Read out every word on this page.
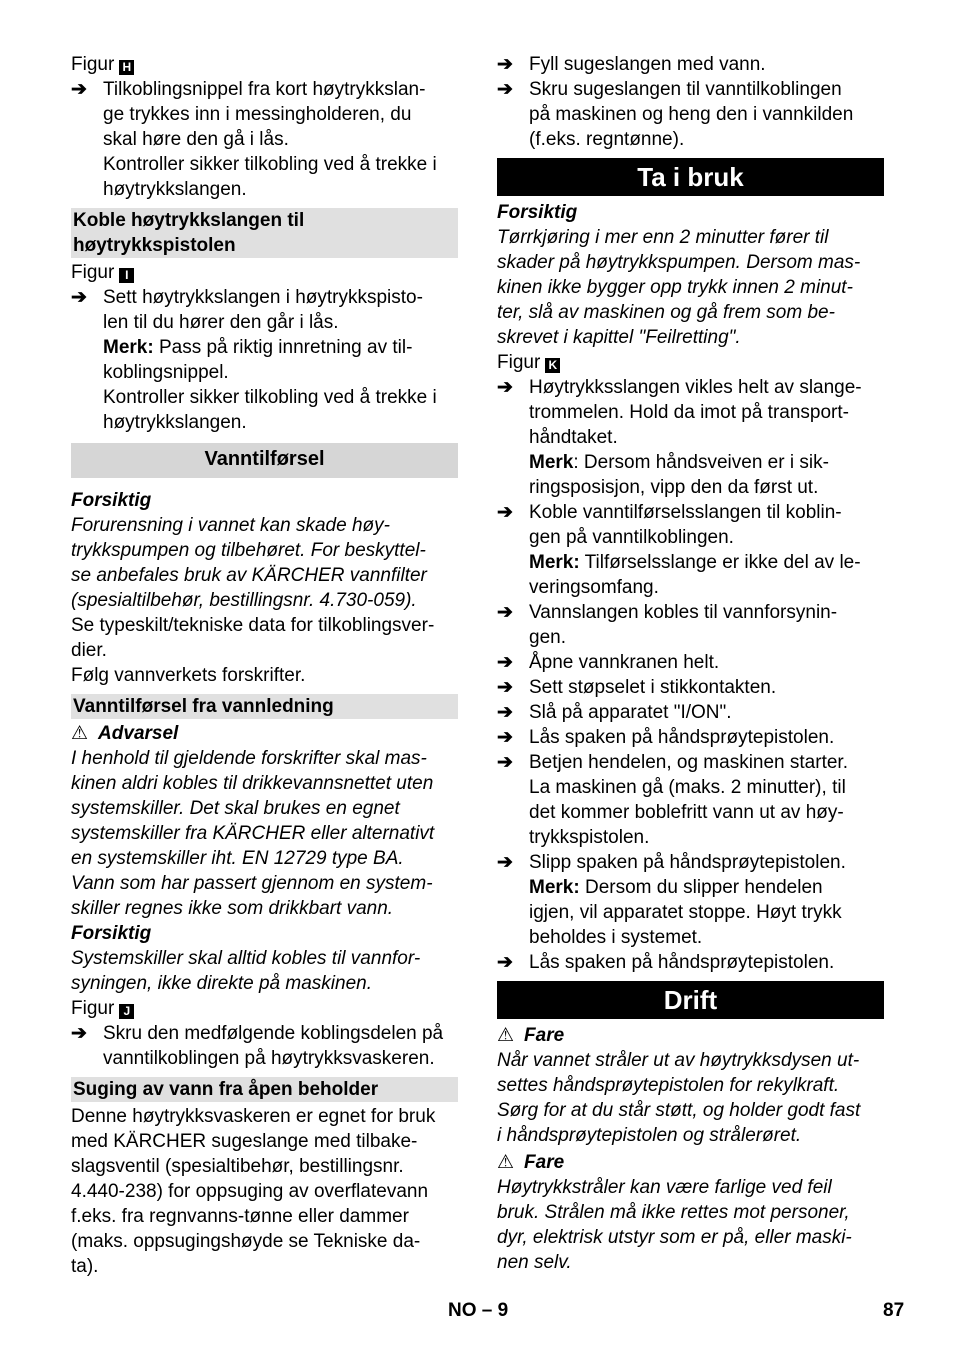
Figur H
➔ Tilkoblingsnippel fra kort høytrykkslan-
ge trykkes inn i messingholderen, du
skal høre den gå i lås.
Kontroller sikker tilkobling ved å trekke i
høytrykkslangen.
Koble høytrykkslangen til
høytrykkspistolen
Figur I
➔ Sett høytrykkslangen i høytrykkspisto-
len til du hører den går i lås.
Merk: Pass på riktig innretning av til-
koblingsnippel.
Kontroller sikker tilkobling ved å trekke i
høytrykkslangen.
Vanntilførsel
Forsiktig
Forurensning i vannet kan skade høy-
trykkspumpen og tilbehøret. For beskyttel-
se anbefales bruk av KÄRCHER vannfilter
(spesialtilbehør, bestillingsnr. 4.730-059).
Se typeskilt/tekniske data for tilkoblingsver-
dier.
Følg vannverkets forskrifter.
Vanntilførsel fra vannledning
⚠ Advarsel
I henhold til gjeldende forskrifter skal mas-
kinen aldri kobles til drikkevannsnettet uten
systemskiller. Det skal brukes en egnet
systemskiller fra KÄRCHER eller alternativt
en systemskiller iht. EN 12729 type BA.
Vann som har passert gjennom en system-
skiller regnes ikke som drikkbart vann.
Forsiktig
Systemskiller skal alltid kobles til vannfor-
syningen, ikke direkte på maskinen.
Figur J
➔ Skru den medfølgende koblingsdelen på
vanntilkoblingen på høytrykksvaskeren.
Suging av vann fra åpen beholder
Denne høytrykksvaskeren er egnet for bruk
med KÄRCHER sugeslange med tilbake-
slagsventil (spesialtibehør, bestillingsnr.
4.440-238) for oppsuging av overflatevann
f.eks. fra regnvanns-tønne eller dammer
(maks. oppsugingshøyde se Tekniske da-
ta).
➔ Fyll sugeslangen med vann.
➔ Skru sugeslangen til vanntilkoblingen
på maskinen og heng den i vannkilden
(f.eks. regntønne).
Ta i bruk
Forsiktig
Tørrkjøring i mer enn 2 minutter fører til
skader på høytrykkspumpen. Dersom mas-
kinen ikke bygger opp trykk innen 2 minut-
ter, slå av maskinen og gå frem som be-
skrevet i kapittel "Feilretting".
Figur K
➔ Høytrykksslangen vikles helt av slange-
trommelen. Hold da imot på transport-
håndtaket.
Merk: Dersom håndsveiven er i sik-
ringsposisjon, vipp den da først ut.
➔ Koble vanntilførselsslangen til koblin-
gen på vanntilkoblingen.
Merk: Tilførselsslange er ikke del av le-
veringsomfang.
➔ Vannslangen kobles til vannforsynin-
gen.
➔ Åpne vannkranen helt.
➔ Sett støpselet i stikkontakten.
➔ Slå på apparatet "I/ON".
➔ Lås spaken på håndsprøytepistolen.
➔ Betjen hendelen, og maskinen starter.
La maskinen gå (maks. 2 minutter), til
det kommer boblefritt vann ut av høy-
trykkspistolen.
➔ Slipp spaken på håndsprøytepistolen.
Merk: Dersom du slipper hendelen
igjen, vil apparatet stoppe. Høyt trykk
beholdes i systemet.
➔ Lås spaken på håndsprøytepistolen.
Drift
⚠ Fare
Når vannet stråler ut av høytrykksdysen ut-
settes håndsprøytepistolen for rekylkraft.
Sørg for at du står støtt, og holder godt fast
i håndsprøytepistolen og strålerøret.
⚠ Fare
Høytrykkstråler kan være farlige ved feil
bruk. Strålen må ikke rettes mot personer,
dyr, elektrisk utstyr som er på, eller maski-
nen selv.
NO – 9	87
